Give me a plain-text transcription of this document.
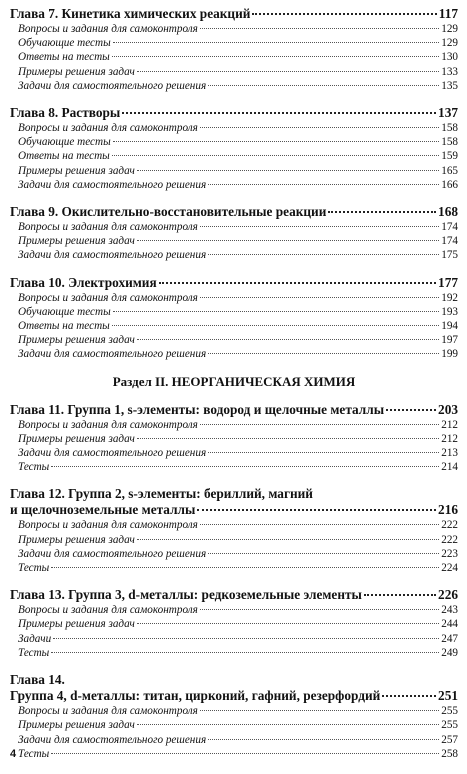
Глава 7. Кинетика химических реакций	117
Вопросы и задания для самоконтроля	129
Обучающие тесты	129
Ответы на тесты	130
Примеры решения задач	133
Задачи для самостоятельного решения	135
Глава 8. Растворы	137
Вопросы и задания для самоконтроля	158
Обучающие тесты	158
Ответы на тесты	159
Примеры решения задач	165
Задачи для самостоятельного решения	166
Глава 9. Окислительно-восстановительные реакции	168
Вопросы и задания для самоконтроля	174
Примеры решения задач	174
Задачи для самостоятельного решения	175
Глава 10. Электрохимия	177
Вопросы и задания для самоконтроля	192
Обучающие тесты	193
Ответы на тесты	194
Примеры решения задач	197
Задачи для самостоятельного решения	199
Раздел II. НЕОРГАНИЧЕСКАЯ ХИМИЯ
Глава 11. Группа 1, s-элементы: водород и щелочные металлы	203
Вопросы и задания для самоконтроля	212
Примеры решения задач	212
Задачи для самостоятельного решения	213
Тесты	214
Глава 12. Группа 2, s-элементы: бериллий, магний
и щелочноземельные металлы	216
Вопросы и задания для самоконтроля	222
Примеры решения задач	222
Задачи для самостоятельного решения	223
Тесты	224
Глава 13. Группа 3, d-металлы: редкоземельные элементы	226
Вопросы и задания для самоконтроля	243
Примеры решения задач	244
Задачи	247
Тесты	249
Глава 14.
Группа 4, d-металлы: титан, цирконий, гафний, резерфордий	251
Вопросы и задания для самоконтроля	255
Примеры решения задач	255
Задачи для самостоятельного решения	257
Тесты	258
4
